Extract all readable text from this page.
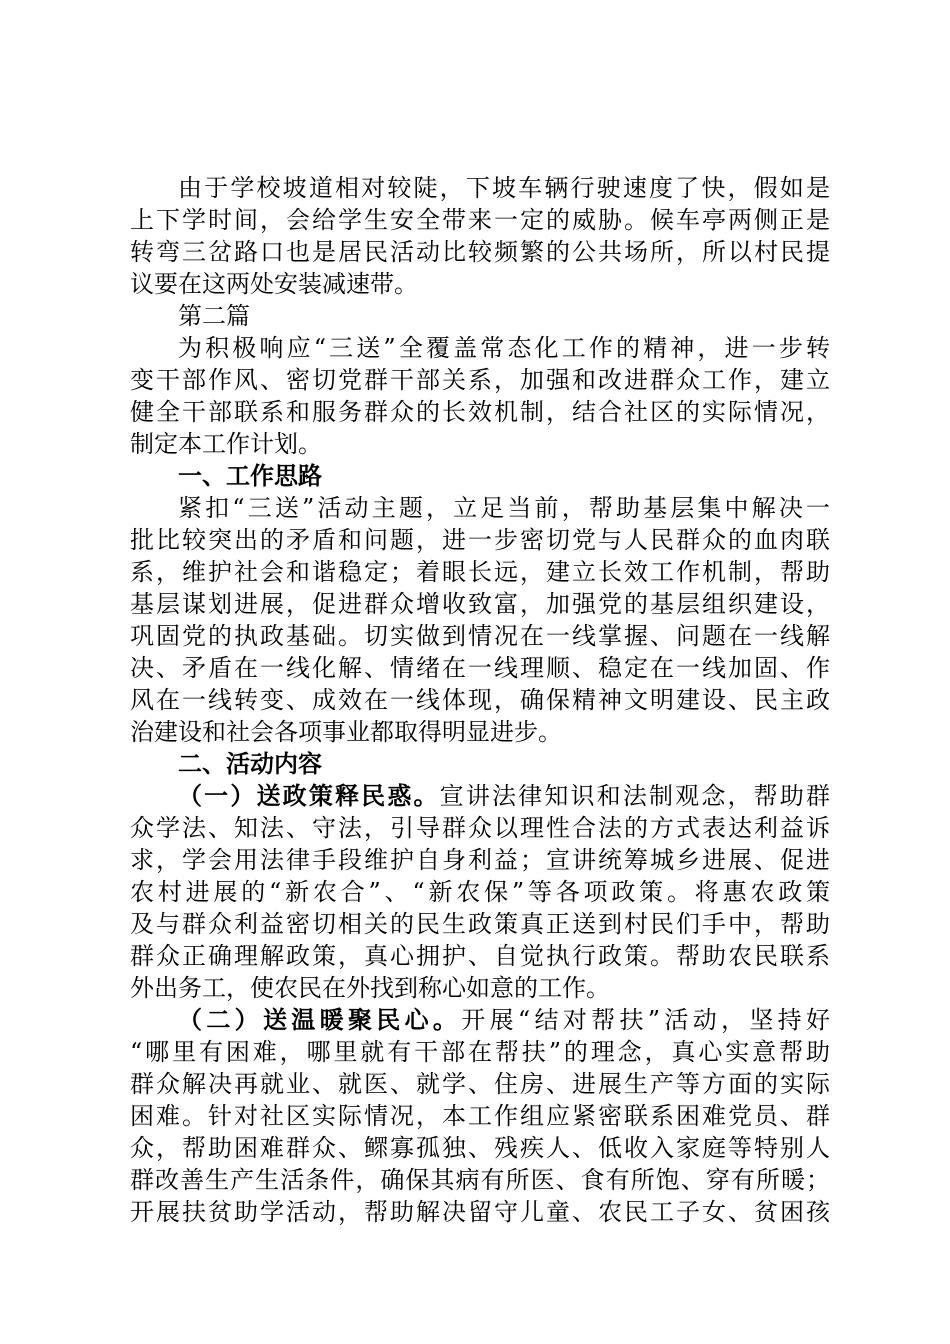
由于学校坡道相对较陡，下坡车辆行驶速度了快，假如是
上下学时间，会给学生安全带来一定的威胁。候车亭两侧正是
转弯三岔路口也是居民活动比较频繁的公共场所，所以村民提
议要在这两处安装减速带。

第二篇

为积极响应“三送”全覆盖常态化工作的精神，进一步转
变干部作风、密切党群干部关系，加强和改进群众工作，建立
健全干部联系和服务群众的长效机制，结合社区的实际情况，
制定本工作计划。

一、工作思路

紧扣“三送”活动主题，立足当前，帮助基层集中解决一
批比较突出的矛盾和问题，进一步密切党与人民群众的血肉联
系，维护社会和谐稳定；着眼长远，建立长效工作机制，帮助
基层谋划进展，促进群众增收致富，加强党的基层组织建设，
巩固党的执政基础。切实做到情况在一线掌握、问题在一线解
决、矛盾在一线化解、情绪在一线理顺、稳定在一线加固、作
风在一线转变、成效在一线体现，确保精神文明建设、民主政
治建设和社会各项事业都取得明显进步。

二、活动内容

（一）送政策释民惑。宣讲法律知识和法制观念，帮助群
众学法、知法、守法，引导群众以理性合法的方式表达利益诉
求，学会用法律手段维护自身利益；宣讲统筹城乡进展、促进
农村进展的“新农合”、“新农保”等各项政策。将惠农政策
及与群众利益密切相关的民生政策真正送到村民们手中，帮助
群众正确理解政策，真心拥护、自觉执行政策。帮助农民联系
外出务工，使农民在外找到称心如意的工作。

（二）送温暖聚民心。开展“结对帮扶”活动，坚持好
“哪里有困难，哪里就有干部在帮扶”的理念，真心实意帮助
群众解决再就业、就医、就学、住房、进展生产等方面的实际
困难。针对社区实际情况，本工作组应紧密联系困难党员、群
众，帮助困难群众、鳏寡孤独、残疾人、低收入家庭等特别人
群改善生产生活条件，确保其病有所医、食有所饱、穿有所暖；
开展扶贫助学活动，帮助解决留守儿童、农民工子女、贫困孩
